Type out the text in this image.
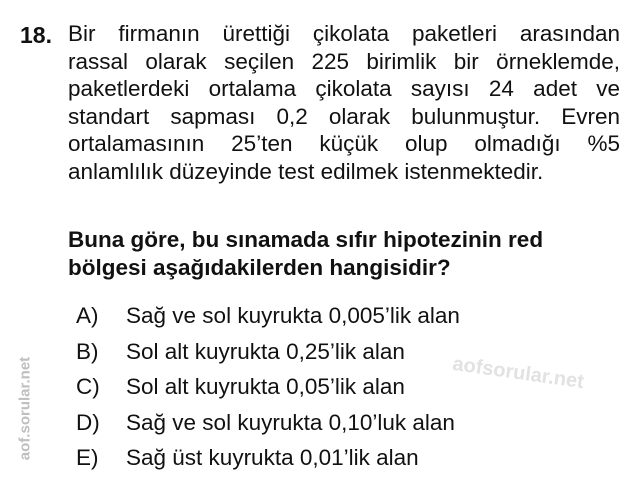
aofsorular.net
aof.sorular.net
18. Bir firmanın ürettiği çikolata paketleri arasından
rassal olarak seçilen 225 birimlik bir örneklemde,
paketlerdeki ortalama çikolata sayısı 24 adet ve
standart sapması 0,2 olarak bulunmuştur. Evren
ortalamasının 25’ten küçük olup olmadığı %5
anlamlılık düzeyinde test edilmek istenmektedir.
Buna göre, bu sınamada sıfır hipotezinin red
bölgesi aşağıdakilerden hangisidir?
A)	Sağ ve sol kuyrukta 0,005’lik alan
B)	Sol alt kuyrukta 0,25’lik alan
C)	Sol alt kuyrukta 0,05’lik alan
D)	Sağ ve sol kuyrukta 0,10’luk alan
E)	Sağ üst kuyrukta 0,01’lik alan
